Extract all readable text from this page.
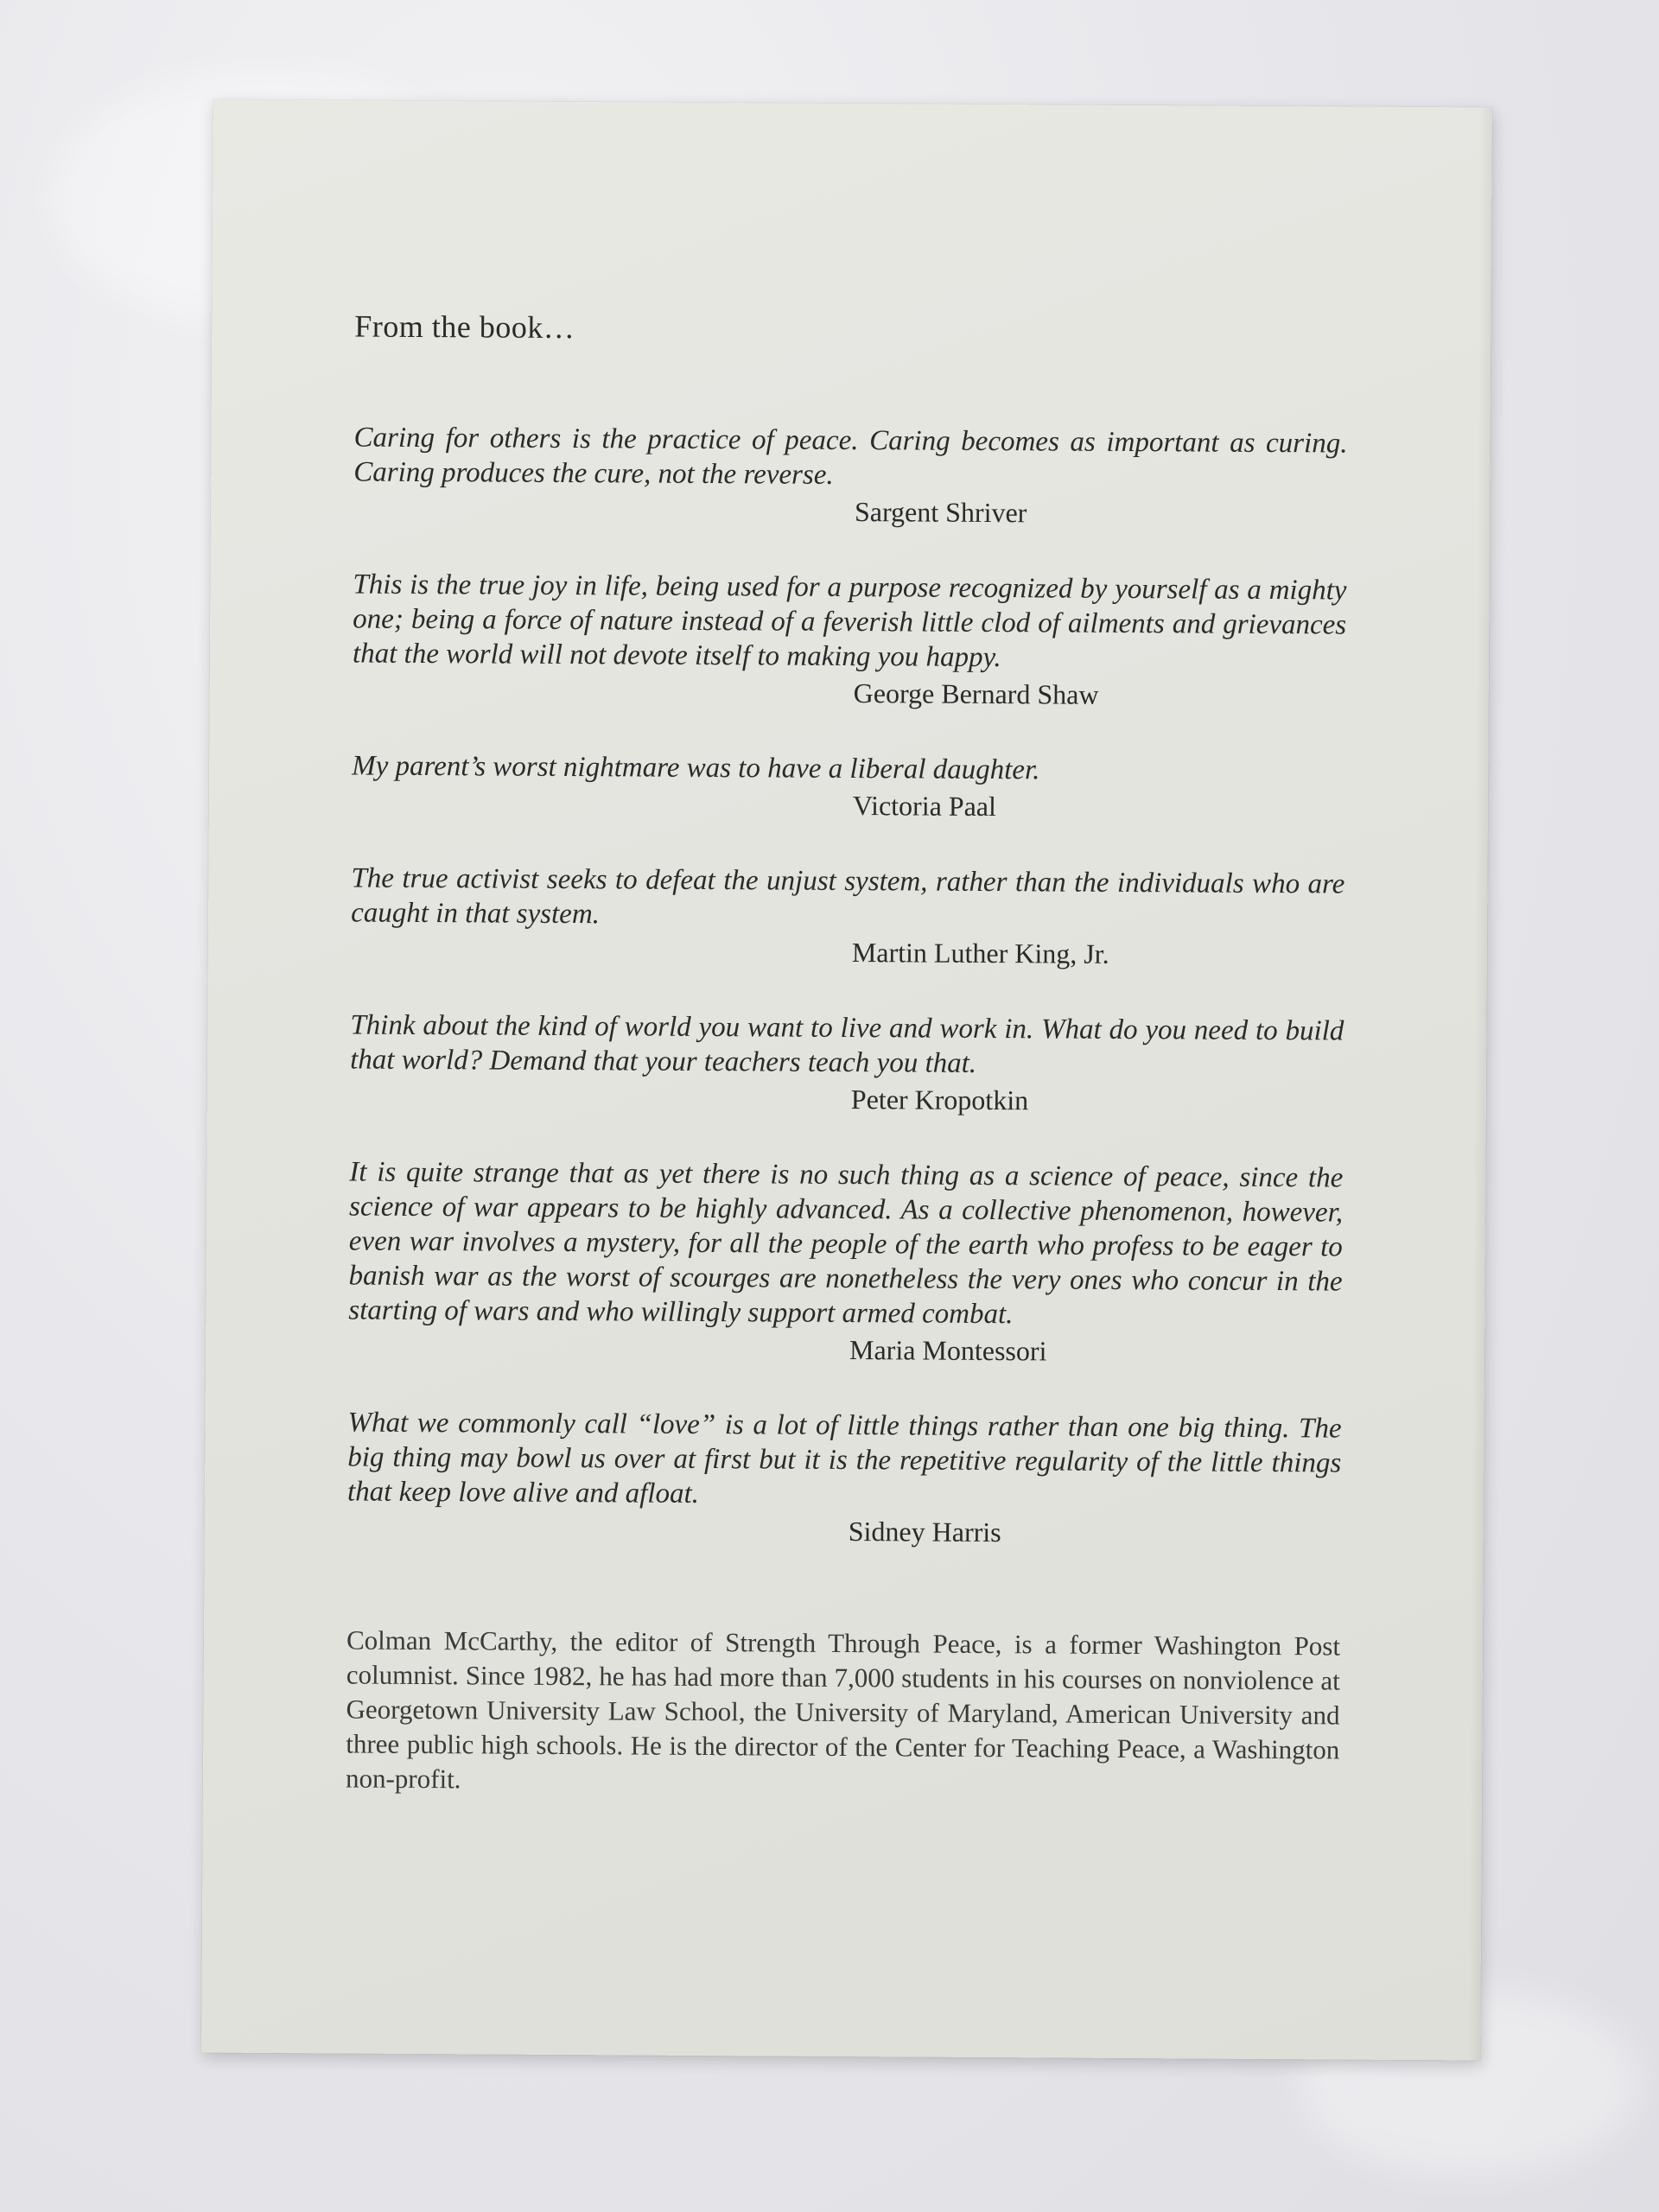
From the book…

Caring for others is the practice of peace. Caring becomes as important as curing. Caring produces the cure, not the reverse.

Sargent Shriver

This is the true joy in life, being used for a purpose recognized by yourself as a mighty one; being a force of nature instead of a feverish little clod of ailments and grievances that the world will not devote itself to making you happy.

George Bernard Shaw

My parent’s worst nightmare was to have a liberal daughter.

Victoria Paal

The true activist seeks to defeat the unjust system, rather than the individuals who are caught in that system.

Martin Luther King, Jr.

Think about the kind of world you want to live and work in. What do you need to build that world? Demand that your teachers teach you that.

Peter Kropotkin

It is quite strange that as yet there is no such thing as a science of peace, since the science of war appears to be highly advanced. As a collective phenomenon, however, even war involves a mystery, for all the people of the earth who profess to be eager to banish war as the worst of scourges are nonetheless the very ones who concur in the starting of wars and who willingly support armed combat.

Maria Montessori

What we commonly call “love” is a lot of little things rather than one big thing. The big thing may bowl us over at first but it is the repetitive regularity of the little things that keep love alive and afloat.

Sidney Harris

Colman McCarthy, the editor of Strength Through Peace, is a former Washington Post columnist. Since 1982, he has had more than 7,000 students in his courses on nonviolence at Georgetown University Law School, the University of Maryland, American University and three public high schools. He is the director of the Center for Teaching Peace, a Washington non-profit.
